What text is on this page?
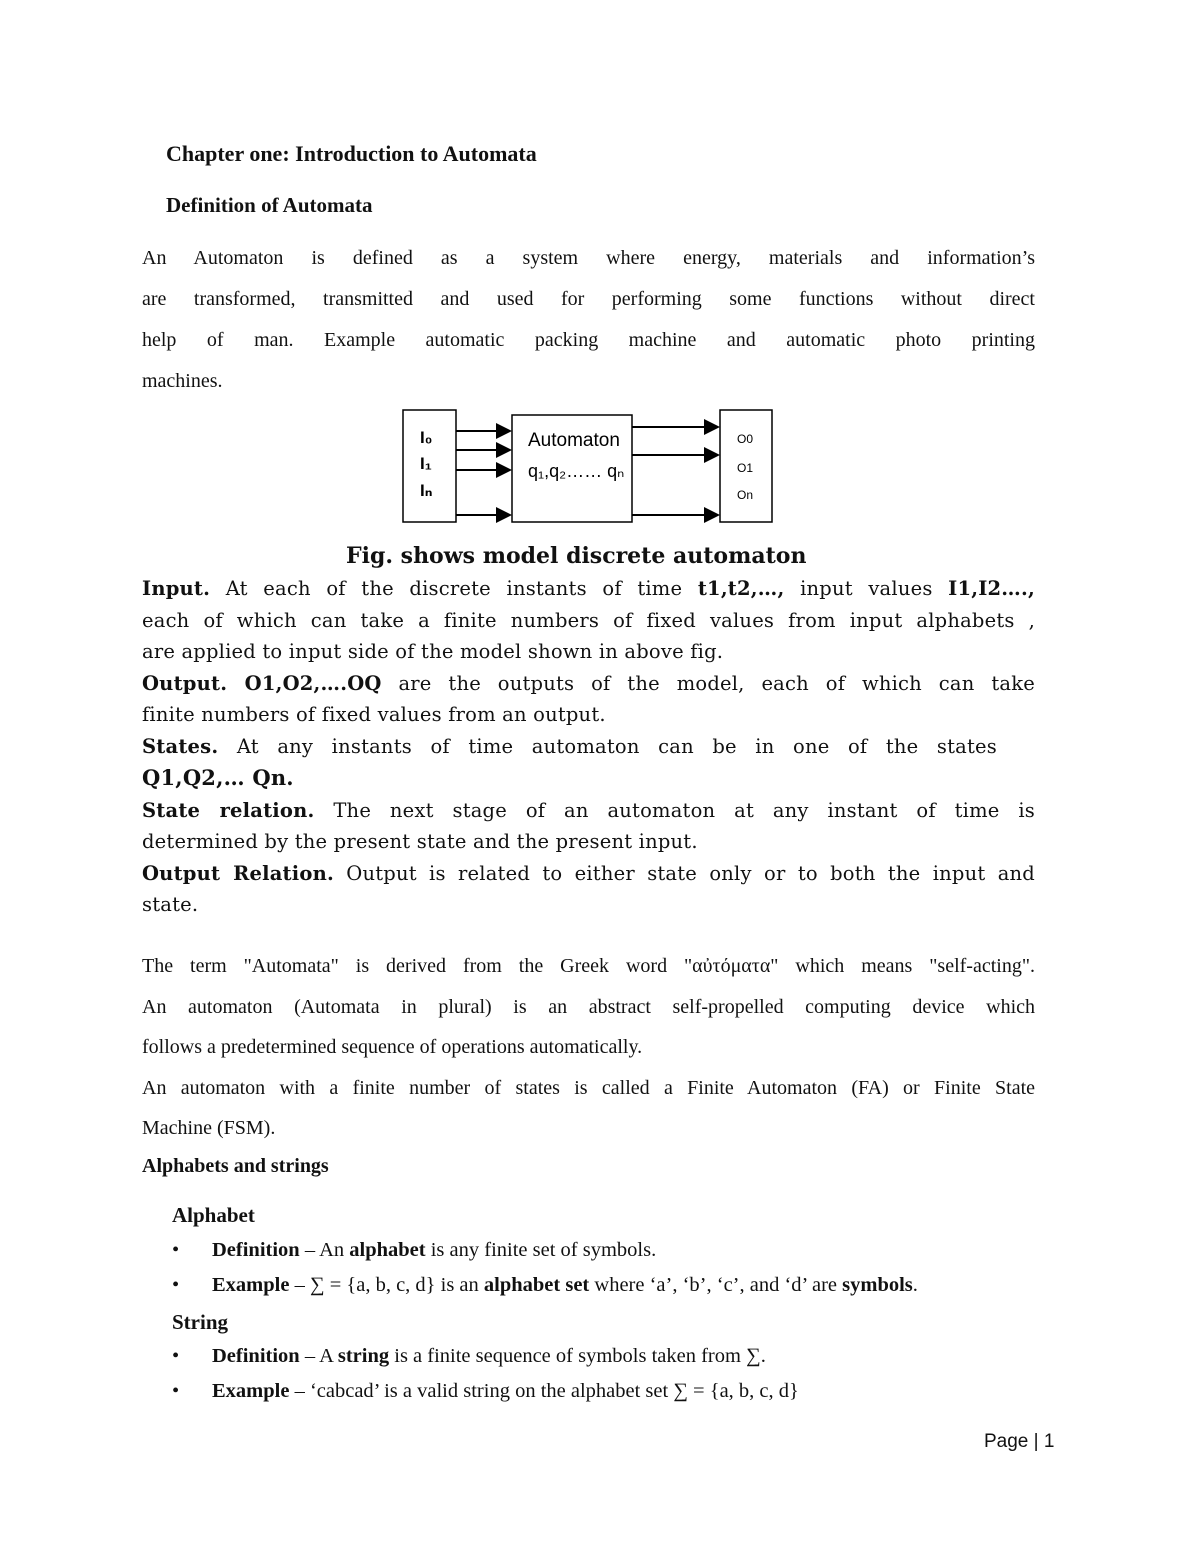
Chapter one: Introduction to Automata
Definition of Automata
An Automaton is defined as a system where energy, materials and information’s
are transformed, transmitted and used for performing some functions without direct
help of man. Example automatic packing machine and automatic photo printing
machines.
I₀
I₁
Iₙ
Automaton
q₁,q₂…… qₙ
O0
O1
On
Fig. shows model discrete automaton

Input. At each of the discrete instants of time t1,t2,…, input values I1,I2….,

each of which can take a finite numbers of fixed values from input alphabets ,

are applied to input side of the model shown in above fig.

Output. O1,O2,….OQ are the outputs of the model, each of which can take

finite numbers of fixed values from an output.

States. At any instants of time automaton can be in one of the states

Q1,Q2,… Qn.

State relation. The next stage of an automaton at any instant of time is

determined by the present state and the present input.

Output Relation. Output is related to either state only or to both the input and

state.

The term "Automata" is derived from the Greek word "αὐτόματα" which means "self-acting".
An automaton (Automata in plural) is an abstract self-propelled computing device which
follows a predetermined sequence of operations automatically.
An automaton with a finite number of states is called a Finite Automaton (FA) or Finite State
Machine (FSM).
Alphabets and strings
Alphabet
• Definition – An alphabet is any finite set of symbols.
• Example – ∑ = {a, b, c, d} is an alphabet set where ‘a’, ‘b’, ‘c’, and ‘d’ are symbols.
String
• Definition – A string is a finite sequence of symbols taken from ∑.
• Example – ‘cabcad’ is a valid string on the alphabet set ∑ = {a, b, c, d}
Page | 1
